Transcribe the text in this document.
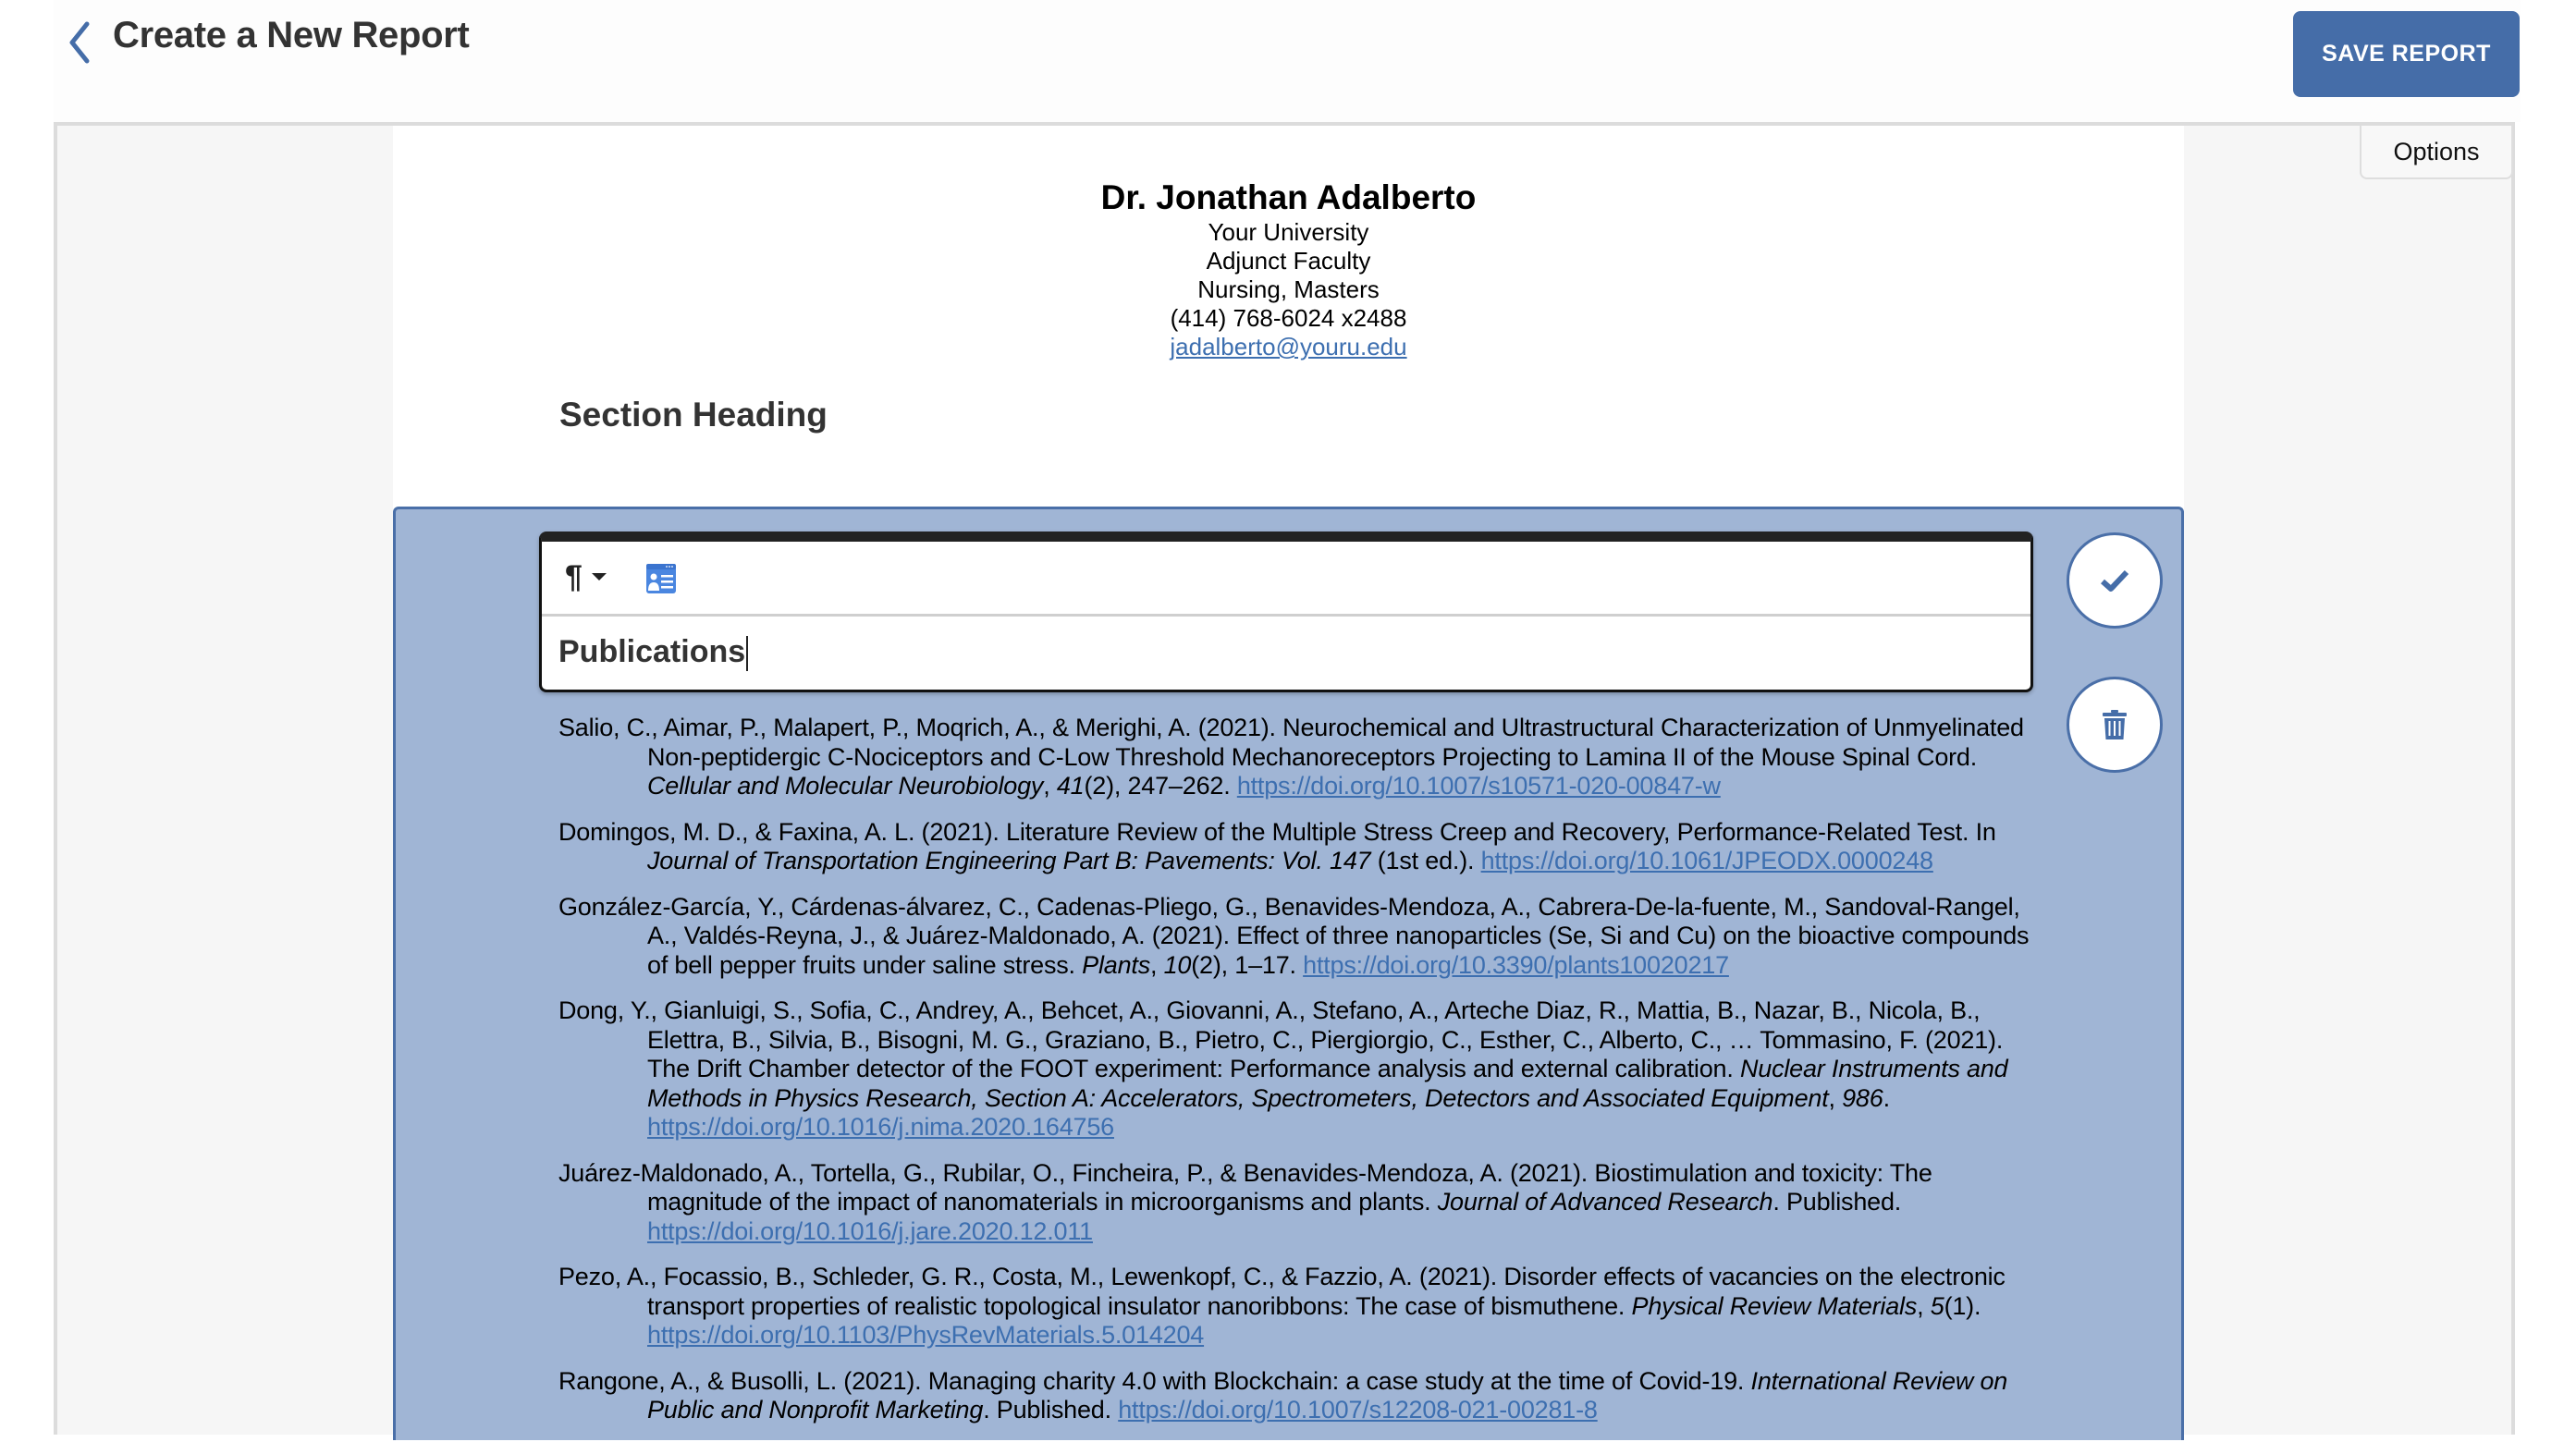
Create a New Report	SAVE REPORT
Options
Dr. Jonathan Adalberto
Your University
Adjunct Faculty
Nursing, Masters
(414) 768-6024 x2488
jadalberto@youru.edu
Section Heading
¶
Publications
Salio, C., Aimar, P., Malapert, P., Moqrich, A., & Merighi, A. (2021). Neurochemical and Ultrastructural Characterization of Unmyelinated Non-peptidergic C-Nociceptors and C-Low Threshold Mechanoreceptors Projecting to Lamina II of the Mouse Spinal Cord. Cellular and Molecular Neurobiology, 41(2), 247–262. https://doi.org/10.1007/s10571-020-00847-w
Domingos, M. D., & Faxina, A. L. (2021). Literature Review of the Multiple Stress Creep and Recovery, Performance-Related Test. In Journal of Transportation Engineering Part B: Pavements: Vol. 147 (1st ed.). https://doi.org/10.1061/JPEODX.0000248
González-García, Y., Cárdenas-álvarez, C., Cadenas-Pliego, G., Benavides-Mendoza, A., Cabrera-De-la-fuente, M., Sandoval-Rangel, A., Valdés-Reyna, J., & Juárez-Maldonado, A. (2021). Effect of three nanoparticles (Se, Si and Cu) on the bioactive compounds of bell pepper fruits under saline stress. Plants, 10(2), 1–17. https://doi.org/10.3390/plants10020217
Dong, Y., Gianluigi, S., Sofia, C., Andrey, A., Behcet, A., Giovanni, A., Stefano, A., Arteche Diaz, R., Mattia, B., Nazar, B., Nicola, B., Elettra, B., Silvia, B., Bisogni, M. G., Graziano, B., Pietro, C., Piergiorgio, C., Esther, C., Alberto, C., … Tommasino, F. (2021). The Drift Chamber detector of the FOOT experiment: Performance analysis and external calibration. Nuclear Instruments and Methods in Physics Research, Section A: Accelerators, Spectrometers, Detectors and Associated Equipment, 986. https://doi.org/10.1016/j.nima.2020.164756
Juárez-Maldonado, A., Tortella, G., Rubilar, O., Fincheira, P., & Benavides-Mendoza, A. (2021). Biostimulation and toxicity: The magnitude of the impact of nanomaterials in microorganisms and plants. Journal of Advanced Research. Published. https://doi.org/10.1016/j.jare.2020.12.011
Pezo, A., Focassio, B., Schleder, G. R., Costa, M., Lewenkopf, C., & Fazzio, A. (2021). Disorder effects of vacancies on the electronic transport properties of realistic topological insulator nanoribbons: The case of bismuthene. Physical Review Materials, 5(1). https://doi.org/10.1103/PhysRevMaterials.5.014204
Rangone, A., & Busolli, L. (2021). Managing charity 4.0 with Blockchain: a case study at the time of Covid-19. International Review on Public and Nonprofit Marketing. Published. https://doi.org/10.1007/s12208-021-00281-8
